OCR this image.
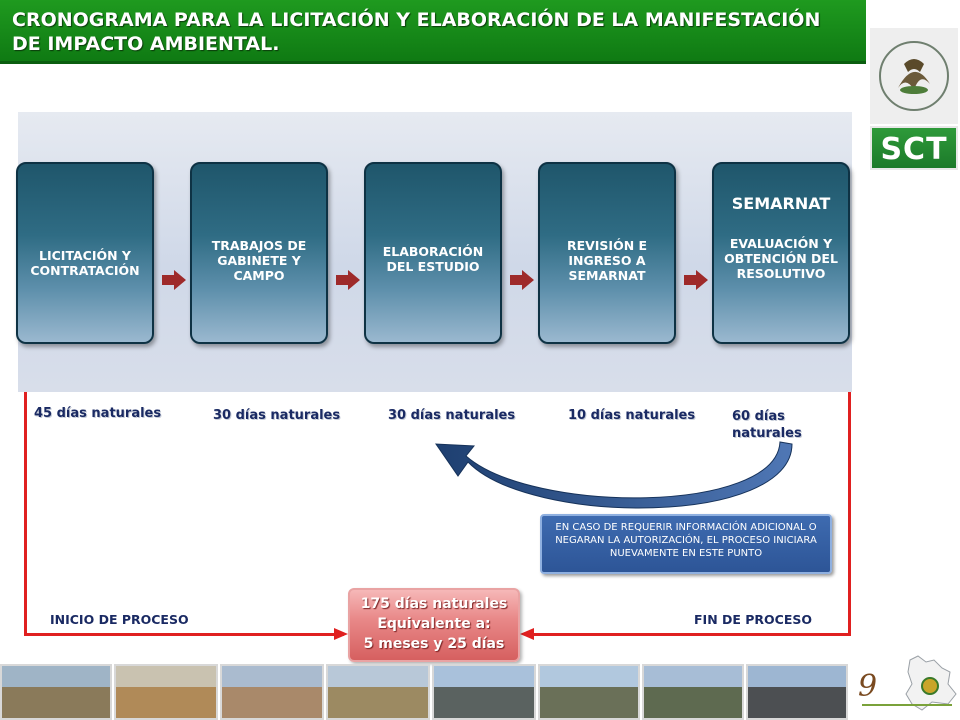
CRONOGRAMA PARA LA LICITACIÓN Y ELABORACIÓN DE LA MANIFESTACIÓN DE IMPACTO AMBIENTAL.
SCT
LICITACIÓN Y CONTRATACIÓN
TRABAJOS DE GABINETE Y CAMPO
ELABORACIÓN DEL ESTUDIO
REVISIÓN E INGRESO A SEMARNAT
SEMARNAT
EVALUACIÓN Y OBTENCIÓN DEL RESOLUTIVO
45 días naturales	30 días naturales	30 días naturales	10 días naturales	60 días naturales
EN CASO DE REQUERIR INFORMACIÓN ADICIONAL O NEGARAN LA AUTORIZACIÓN, EL PROCESO INICIARA NUEVAMENTE EN ESTE PUNTO
INICIO DE PROCESO	FIN DE PROCESO
175 días naturales
Equivalente a:
5 meses y 25 días
9
